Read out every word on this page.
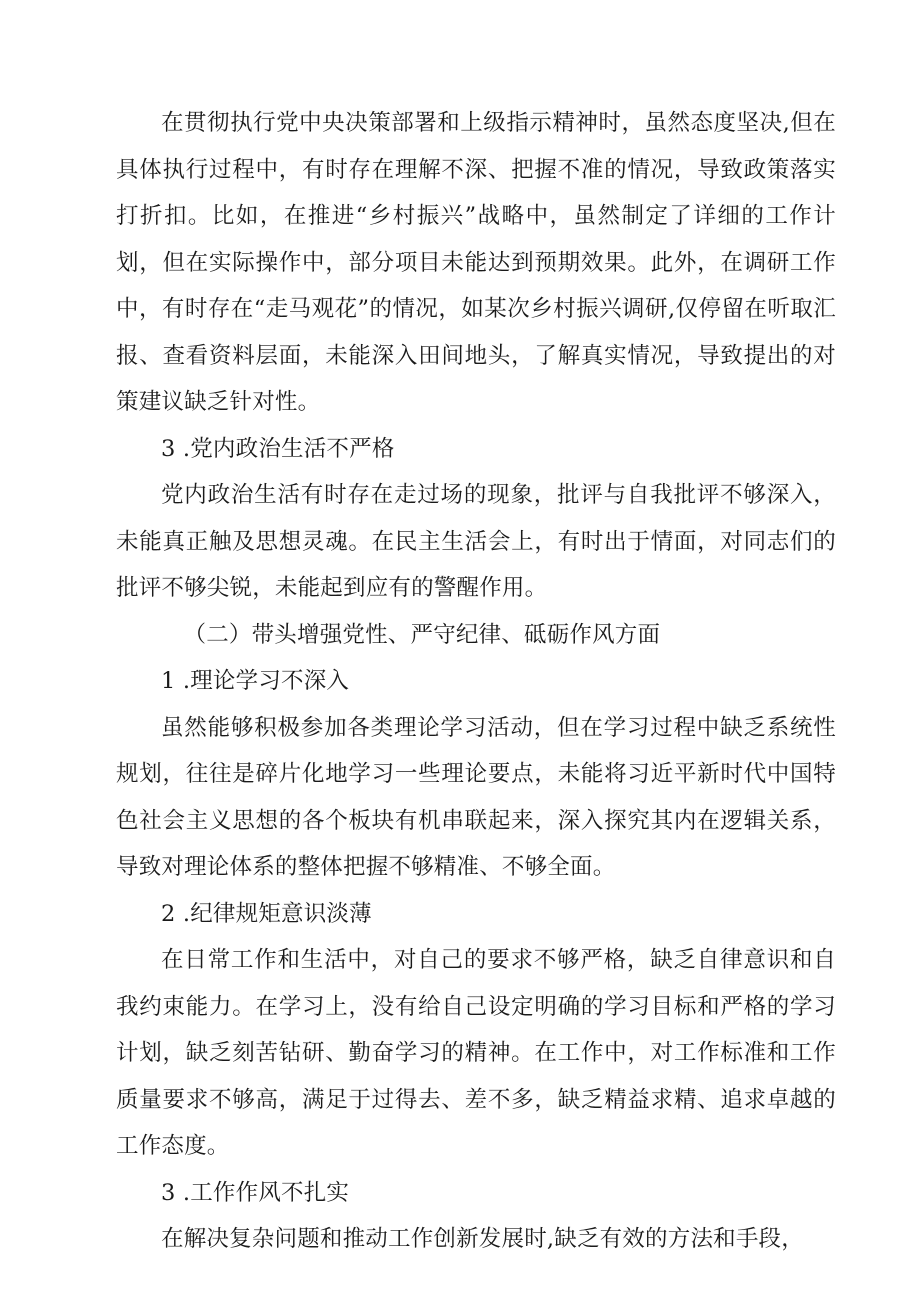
在贯彻执行党中央决策部署和上级指示精神时，虽然态度坚决,但在具体执行过程中，有时存在理解不深、把握不准的情况，导致政策落实打折扣。比如，在推进“乡村振兴”战略中，虽然制定了详细的工作计划，但在实际操作中，部分项目未能达到预期效果。此外，在调研工作中，有时存在“走马观花”的情况，如某次乡村振兴调研,仅停留在听取汇报、查看资料层面，未能深入田间地头，了解真实情况，导致提出的对策建议缺乏针对性。

3 .党内政治生活不严格

党内政治生活有时存在走过场的现象，批评与自我批评不够深入，未能真正触及思想灵魂。在民主生活会上，有时出于情面，对同志们的批评不够尖锐，未能起到应有的警醒作用。

（二）带头增强党性、严守纪律、砥砺作风方面

1 .理论学习不深入

虽然能够积极参加各类理论学习活动，但在学习过程中缺乏系统性规划，往往是碎片化地学习一些理论要点，未能将习近平新时代中国特色社会主义思想的各个板块有机串联起来，深入探究其内在逻辑关系，导致对理论体系的整体把握不够精准、不够全面。

2 .纪律规矩意识淡薄

在日常工作和生活中，对自己的要求不够严格，缺乏自律意识和自我约束能力。在学习上，没有给自己设定明确的学习目标和严格的学习计划，缺乏刻苦钻研、勤奋学习的精神。在工作中，对工作标准和工作质量要求不够高，满足于过得去、差不多，缺乏精益求精、追求卓越的工作态度。

3 .工作作风不扎实

在解决复杂问题和推动工作创新发展时,缺乏有效的方法和手段，
